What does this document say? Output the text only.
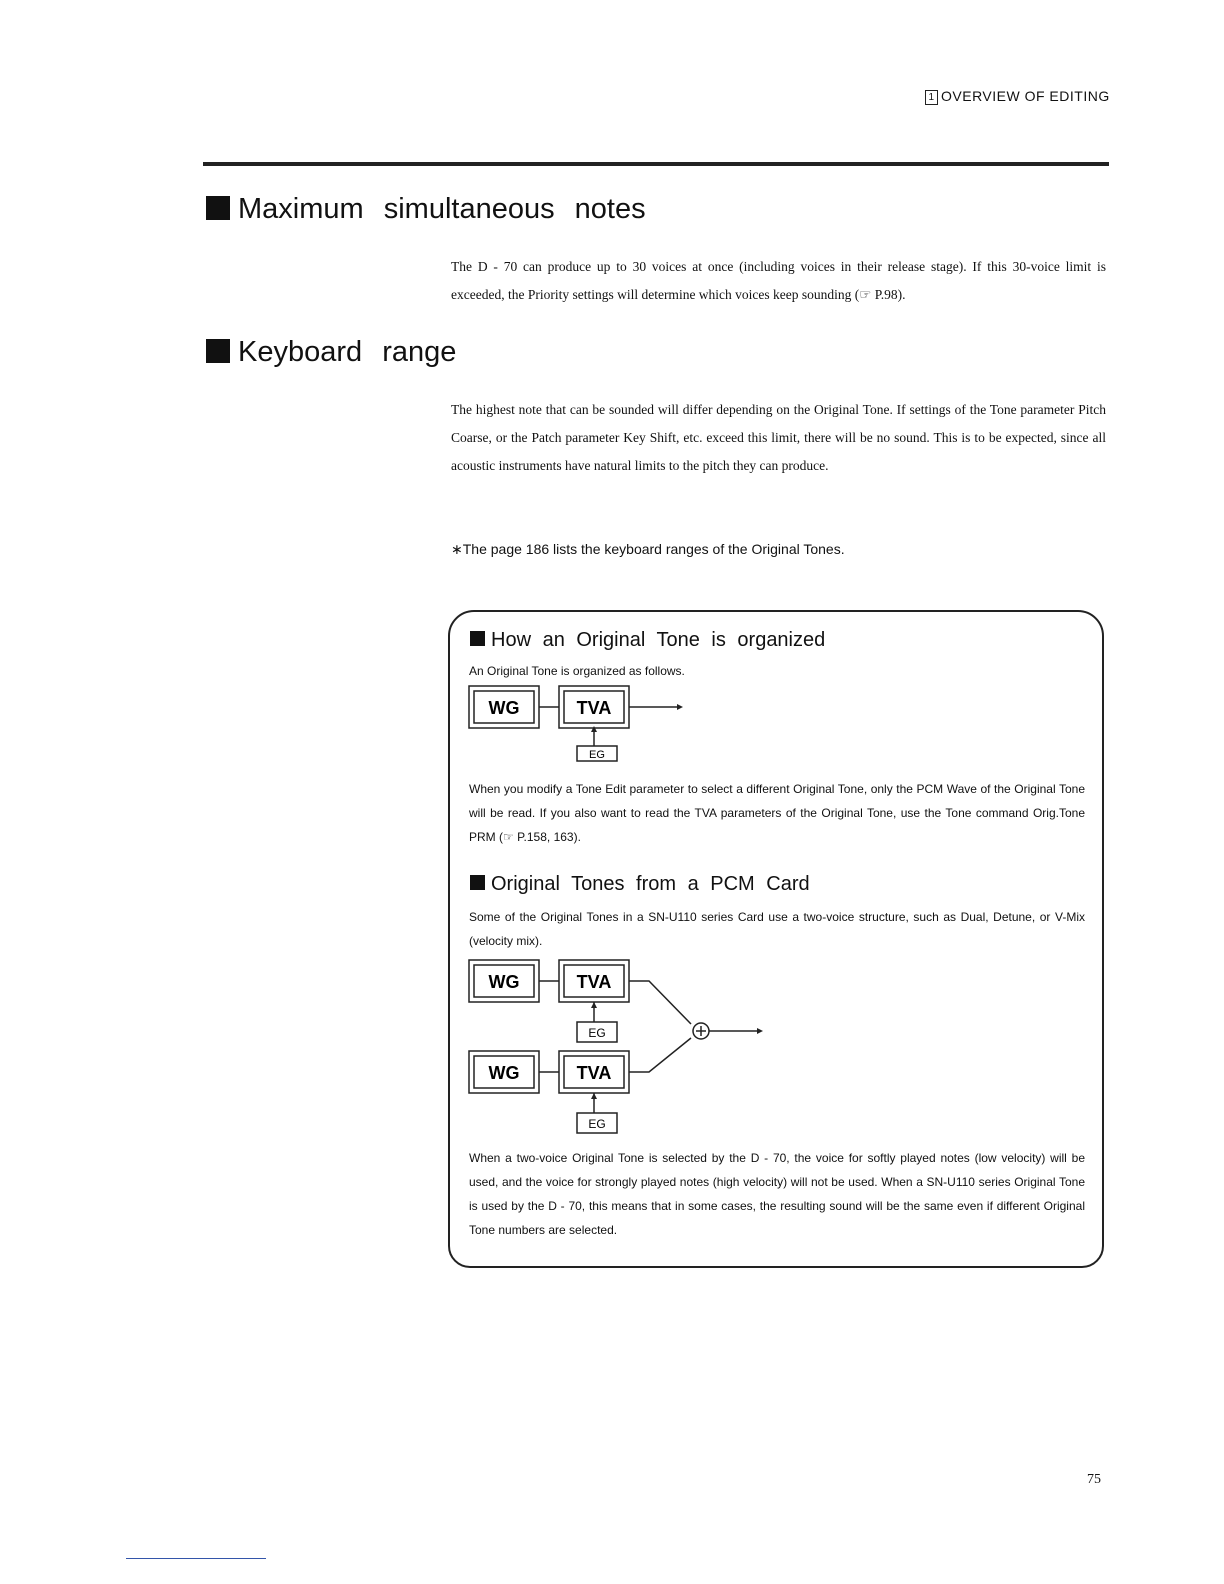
1 OVERVIEW OF EDITING
Maximum simultaneous notes
The D - 70 can produce up to 30 voices at once (including voices in their release stage). If this 30-voice limit is exceeded, the Priority settings will determine which voices keep sounding (☞ P.98).
Keyboard range
The highest note that can be sounded will differ depending on the Original Tone. If settings of the Tone parameter Pitch Coarse, or the Patch parameter Key Shift, etc. exceed this limit, there will be no sound. This is to be expected, since all acoustic instruments have natural limits to the pitch they can produce.
∗The page 186 lists the keyboard ranges of the Original Tones.
How an Original Tone is organized
An Original Tone is organized as follows.
WG	TVA
EG
When you modify a Tone Edit parameter to select a different Original Tone, only the PCM Wave of the Original Tone will be read. If you also want to read the TVA parameters of the Original Tone, use the Tone command Orig.Tone PRM (☞ P.158, 163).
Original Tones from a PCM Card
Some of the Original Tones in a SN-U110 series Card use a two-voice structure, such as Dual, Detune, or V-Mix (velocity mix).
WG	TVA
EG
WG	TVA
EG
When a two-voice Original Tone is selected by the D - 70, the voice for softly played notes (low velocity) will be used, and the voice for strongly played notes (high velocity) will not be used. When a SN-U110 series Original Tone is used by the D - 70, this means that in some cases, the resulting sound will be the same even if different Original Tone numbers are selected.
75
